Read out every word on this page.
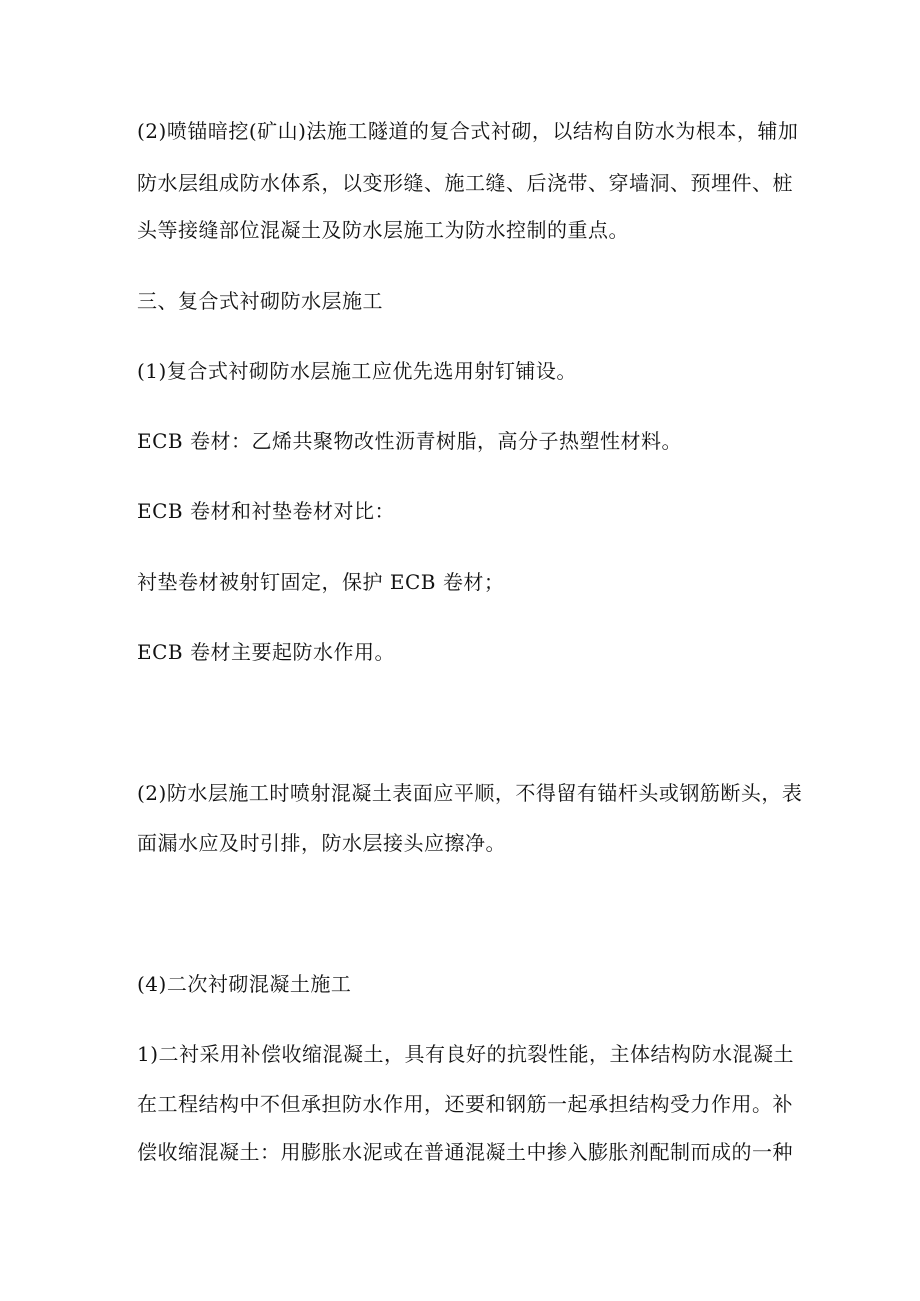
(2)喷锚暗挖(矿山)法施工隧道的复合式衬砌，以结构自防水为根本，辅加
防水层组成防水体系，以变形缝、施工缝、后浇带、穿墙洞、预埋件、桩
头等接缝部位混凝土及防水层施工为防水控制的重点。
三、复合式衬砌防水层施工
(1)复合式衬砌防水层施工应优先选用射钉铺设。
ECB 卷材：乙烯共聚物改性沥青树脂，高分子热塑性材料。
ECB 卷材和衬垫卷材对比：
衬垫卷材被射钉固定，保护 ECB 卷材；
ECB 卷材主要起防水作用。
(2)防水层施工时喷射混凝土表面应平顺，不得留有锚杆头或钢筋断头，表
面漏水应及时引排，防水层接头应擦净。
(4)二次衬砌混凝土施工
1)二衬采用补偿收缩混凝土，具有良好的抗裂性能，主体结构防水混凝土
在工程结构中不但承担防水作用，还要和钢筋一起承担结构受力作用。补
偿收缩混凝土：用膨胀水泥或在普通混凝土中掺入膨胀剂配制而成的一种
